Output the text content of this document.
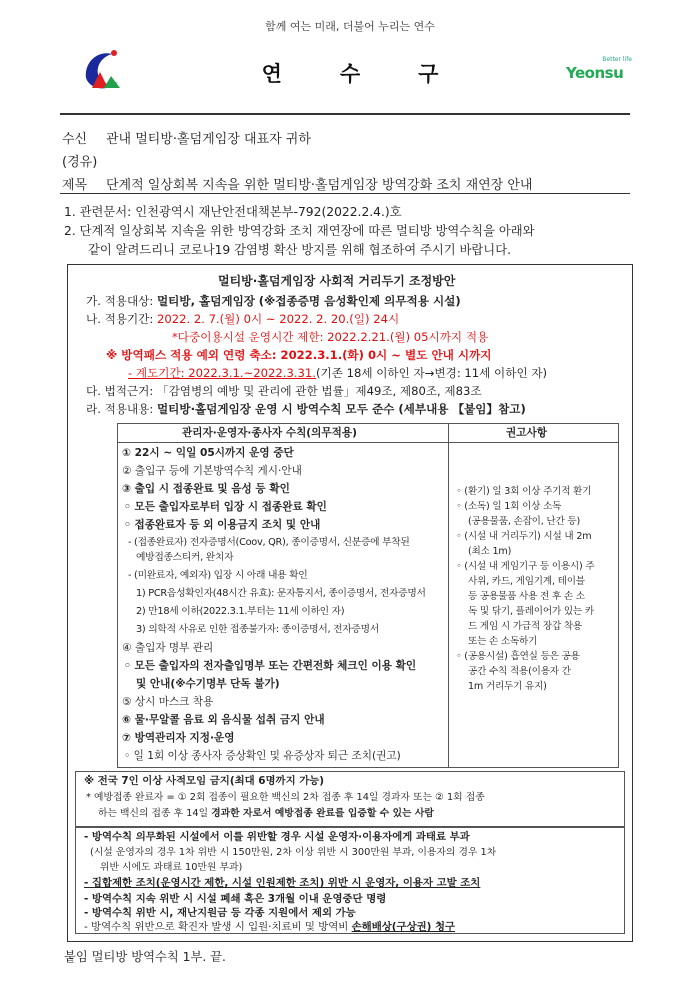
함께 여는 미래, 더불어 누리는 연수
연수구
Better life
Yeonsu
수신 관내 멀티방·홀덤게임장 대표자 귀하
(경유)
제목 단계적 일상회복 지속을 위한 멀티방·홀덤게임장 방역강화 조치 재연장 안내
1. 관련문서: 인천광역시 재난안전대책본부-792(2022.2.4.)호
2. 단계적 일상회복 지속을 위한 방역강화 조치 재연장에 따른 멀티방 방역수칙을 아래와
같이 알려드리니 코로나19 감염병 확산 방지를 위해 협조하여 주시기 바랍니다.
멀티방·홀덤게임장 사회적 거리두기 조정방안
가. 적용대상: 멀티방, 홀덤게임장 (※접종증명 음성확인제 의무적용 시설)
나. 적용기간: 2022. 2. 7.(월) 0시 ~ 2022. 2. 20.(일) 24시
*다중이용시설 운영시간 제한: 2022.2.21.(월) 05시까지 적용
※ 방역패스 적용 예외 연령 축소: 2022.3.1.(화) 0시 ~ 별도 안내 시까지
- 계도기간: 2022.3.1.~2022.3.31.(기존 18세 이하인 자→변경: 11세 이하인 자)
다. 법적근거: 「감염병의 예방 및 관리에 관한 법률」제49조, 제80조, 제83조
라. 적용내용: 멀티방·홀덤게임장 운영 시 방역수칙 모두 준수 (세부내용 【붙임】참고)
관리자·운영자·종사자 수칙(의무적용)	권고사항
① 22시 ~ 익일 05시까지 운영 중단
② 출입구 등에 기본방역수칙 게시·안내
③ 출입 시 접종완료 및 음성 등 확인
◦ 모든 출입자로부터 입장 시 접종완료 확인
◦ 접종완료자 등 외 이용금지 조치 및 안내
- (접종완료자) 전자증명서(Coov, QR), 종이증명서, 신분증에 부착된
예방접종스티커, 완치자
- (미완료자, 예외자) 입장 시 아래 내용 확인
1) PCR음성확인자(48시간 유효): 문자통지서, 종이증명서, 전자증명서
2) 만18세 이하(2022.3.1.부터는 11세 이하인 자)
3) 의학적 사유로 인한 접종불가자: 종이증명서, 전자증명서
④ 출입자 명부 관리
◦ 모든 출입자의 전자출입명부 또는 간편전화 체크인 이용 확인
및 안내(※수기명부 단독 불가)
⑤ 상시 마스크 착용
⑥ 물·무알콜 음료 외 음식물 섭취 금지 안내
⑦ 방역관리자 지정·운영
◦ 일 1회 이상 종사자 증상확인 및 유증상자 퇴근 조치(권고)
◦ (환기) 일 3회 이상 주기적 환기
◦ (소독) 일 1회 이상 소독
(공용물품, 손잡이, 난간 등)
◦ (시설 내 거리두기) 시설 내 2m
(최소 1m)
◦ (시설 내 게임기구 등 이용시) 주
사위, 카드, 게임기계, 테이블
등 공용물품 사용 전 후 손 소
독 및 닦기, 플레이어가 있는 카
드 게임 시 가급적 장갑 착용
또는 손 소독하기
◦ (공용시설) 흡연실 등은 공용
공간 수칙 적용(이용자 간
1m 거리두기 유지)
※ 전국 7인 이상 사적모임 금지(최대 6명까지 가능)
* 예방접종 완료자 = ① 2회 접종이 필요한 백신의 2차 접종 후 14일 경과자 또는 ② 1회 접종
하는 백신의 접종 후 14일 경과한 자로서 예방접종 완료를 입증할 수 있는 사람
- 방역수칙 의무화된 시설에서 이를 위반할 경우 시설 운영자·이용자에게 과태료 부과
(시설 운영자의 경우 1차 위반 시 150만원, 2차 이상 위반 시 300만원 부과, 이용자의 경우 1차
위반 시에도 과태료 10만원 부과)
- 집합제한 조치(운영시간 제한, 시설 인원제한 조치) 위반 시 운영자, 이용자 고발 조치
- 방역수칙 지속 위반 시 시설 폐쇄 혹은 3개월 이내 운영중단 명령
- 방역수칙 위반 시, 재난지원금 등 각종 지원에서 제외 가능
- 방역수칙 위반으로 확진자 발생 시 입원·치료비 및 방역비 손해배상(구상권) 청구
붙임 멀티방 방역수칙 1부. 끝.
